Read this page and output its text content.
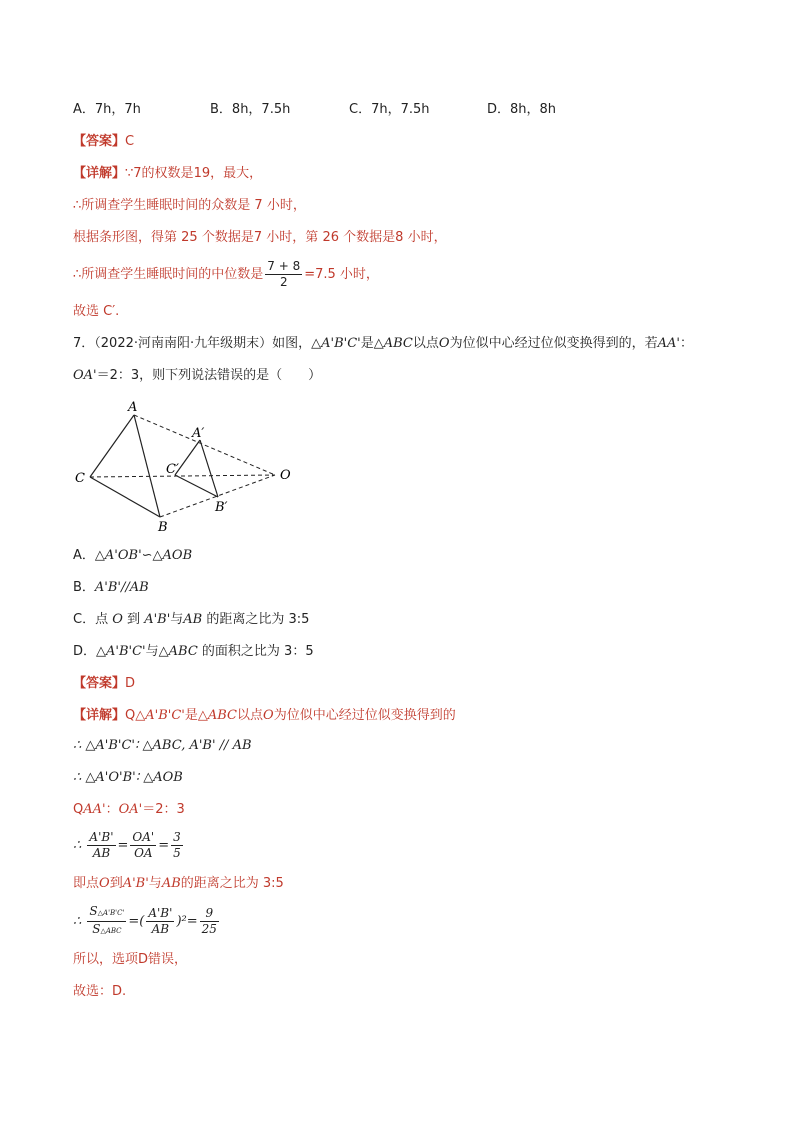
A．7h，7h	B．8h，7.5h	C．7h，7.5h	D．8h，8h
【答案】C
【详解】∵7的权数是19，最大，
∴所调查学生睡眠时间的众数是 7 小时，
根据条形图，得第 25 个数据是7 小时，第 26 个数据是8 小时，
∴所调查学生睡眠时间的中位数是 $\frac{7 + 8}{2} =7.5$ 小时，
故选 C′.
7．（2022·河南南阳·九年级期末）如图，△A'B'C'是△ABC以点O为位似中心经过位似变换得到的，若AA'：
OA'＝2：3，则下列说法错误的是（　　）
A
C
B
A′
C′
B′
O
A．△A'OB'∽△AOB
B．A'B'//AB
C．点 O 到 A'B'与AB 的距离之比为 3:5
D．△A'B'C'与△ABC 的面积之比为 3：5
【答案】D
【详解】Q△A'B'C'是△ABC以点O为位似中心经过位似变换得到的
∴ △A'B'C'∶ △ABC, A'B' // AB
∴ △A'O'B'∶ △AOB
QAA'：OA'＝2：3
∴ $\frac{A'B'}{AB} = \frac{OA'}{OA} = \frac{3}{5}$
即点O到A'B'与AB的距离之比为 3:5
∴ $\frac{S\triangle A'B'C'}{\text{S△ABC}}$ =( $\frac{A'B'}{AB} )^2= \frac{9}{25}$
所以，选项D错误，
故选：D.
